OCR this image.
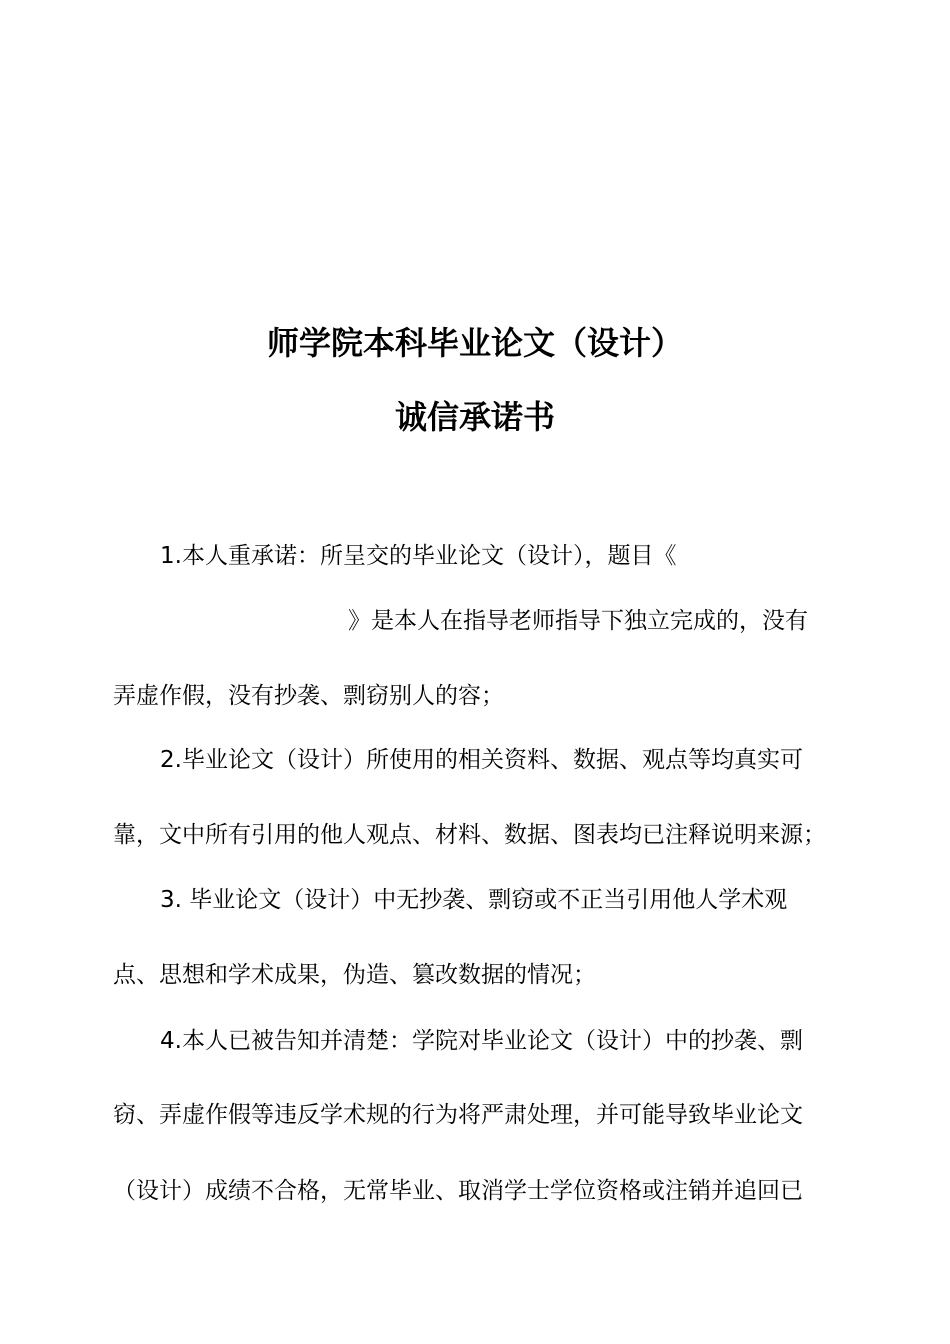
师学院本科毕业论文（设计）
诚信承诺书
1.本人重承诺：所呈交的毕业论文（设计），题目《
》是本人在指导老师指导下独立完成的，没有
弄虚作假，没有抄袭、剽窃别人的容；
2.毕业论文（设计）所使用的相关资料、数据、观点等均真实可
靠，文中所有引用的他人观点、材料、数据、图表均已注释说明来源；
3. 毕业论文（设计）中无抄袭、剽窃或不正当引用他人学术观
点、思想和学术成果，伪造、篡改数据的情况；
4.本人已被告知并清楚：学院对毕业论文（设计）中的抄袭、剽
窃、弄虚作假等违反学术规的行为将严肃处理，并可能导致毕业论文
（设计）成绩不合格，无常毕业、取消学士学位资格或注销并追回已
